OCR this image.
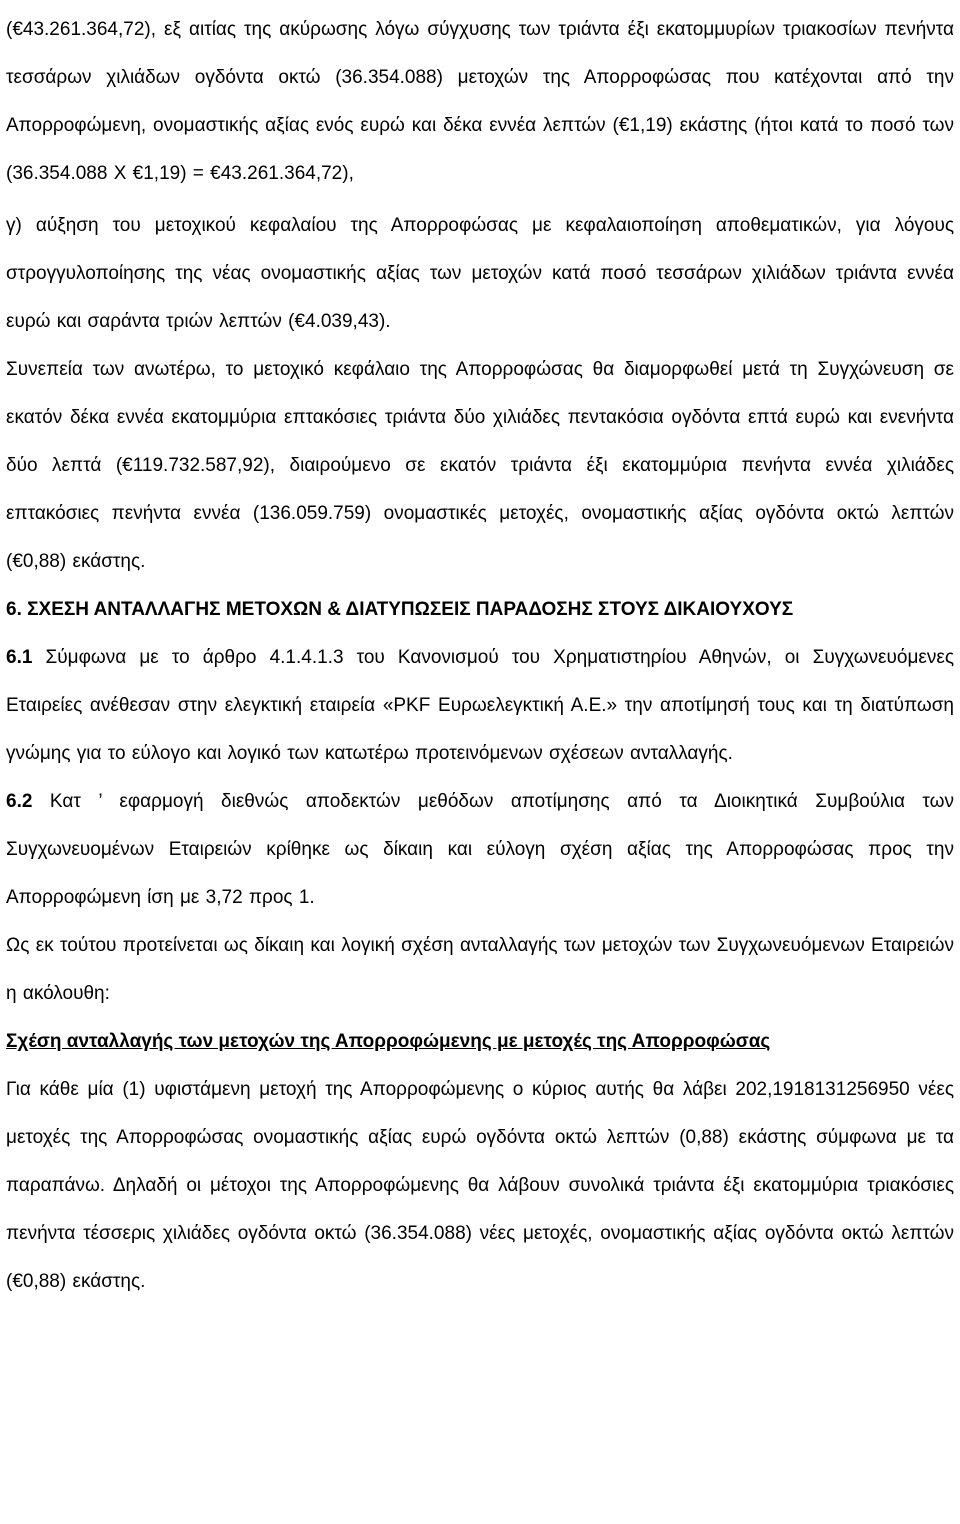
(€43.261.364,72), εξ αιτίας της ακύρωσης λόγω σύγχυσης των τριάντα έξι εκατομμυρίων τριακοσίων πενήντα τεσσάρων χιλιάδων ογδόντα οκτώ (36.354.088) μετοχών της Απορροφώσας που κατέχονται από την Απορροφώμενη, ονομαστικής αξίας ενός ευρώ και δέκα εννέα λεπτών (€1,19) εκάστης (ήτοι κατά το ποσό των (36.354.088 Χ €1,19) = €43.261.364,72),

γ) αύξηση του μετοχικού κεφαλαίου της Απορροφώσας με κεφαλαιοποίηση αποθεματικών, για λόγους στρογγυλοποίησης της νέας ονομαστικής αξίας των μετοχών κατά ποσό τεσσάρων χιλιάδων τριάντα εννέα ευρώ και σαράντα τριών λεπτών (€4.039,43).

Συνεπεία των ανωτέρω, το μετοχικό κεφάλαιο της Απορροφώσας θα διαμορφωθεί μετά τη Συγχώνευση σε εκατόν δέκα εννέα εκατομμύρια επτακόσιες τριάντα δύο χιλιάδες πεντακόσια ογδόντα επτά ευρώ και ενενήντα δύο λεπτά (€119.732.587,92), διαιρούμενο σε εκατόν τριάντα έξι εκατομμύρια πενήντα εννέα χιλιάδες επτακόσιες πενήντα εννέα (136.059.759) ονομαστικές μετοχές, ονομαστικής αξίας ογδόντα οκτώ λεπτών (€0,88) εκάστης.

6. ΣΧΕΣΗ ΑΝΤΑΛΛΑΓΗΣ ΜΕΤΟΧΩΝ & ΔΙΑΤΥΠΩΣΕΙΣ ΠΑΡΑΔΟΣΗΣ ΣΤΟΥΣ ΔΙΚΑΙΟΥΧΟΥΣ

6.1 Σύμφωνα με το άρθρο 4.1.4.1.3 του Κανονισμού του Χρηματιστηρίου Αθηνών, οι Συγχωνευόμενες Εταιρείες ανέθεσαν στην ελεγκτική εταιρεία «PKF Ευρωελεγκτική Α.Ε.» την αποτίμησή τους και τη διατύπωση γνώμης για το εύλογο και λογικό των κατωτέρω προτεινόμενων σχέσεων ανταλλαγής.

6.2 Κατ ’ εφαρμογή διεθνώς αποδεκτών μεθόδων αποτίμησης από τα Διοικητικά Συμβούλια των Συγχωνευομένων Εταιρειών κρίθηκε ως δίκαιη και εύλογη σχέση αξίας της Απορροφώσας προς την Απορροφώμενη ίση με 3,72 προς 1.

Ως εκ τούτου προτείνεται ως δίκαιη και λογική σχέση ανταλλαγής των μετοχών των Συγχωνευόμενων Εταιρειών η ακόλουθη:

Σχέση ανταλλαγής των μετοχών της Απορροφώμενης με μετοχές της Απορροφώσας

Για κάθε μία (1) υφιστάμενη μετοχή της Απορροφώμενης ο κύριος αυτής θα λάβει 202,1918131256950 νέες μετοχές της Απορροφώσας ονομαστικής αξίας ευρώ ογδόντα οκτώ λεπτών (0,88) εκάστης σύμφωνα με τα παραπάνω. Δηλαδή οι μέτοχοι της Απορροφώμενης θα λάβουν συνολικά τριάντα έξι εκατομμύρια τριακόσιες πενήντα τέσσερις χιλιάδες ογδόντα οκτώ (36.354.088) νέες μετοχές, ονομαστικής αξίας ογδόντα οκτώ λεπτών (€0,88) εκάστης.
